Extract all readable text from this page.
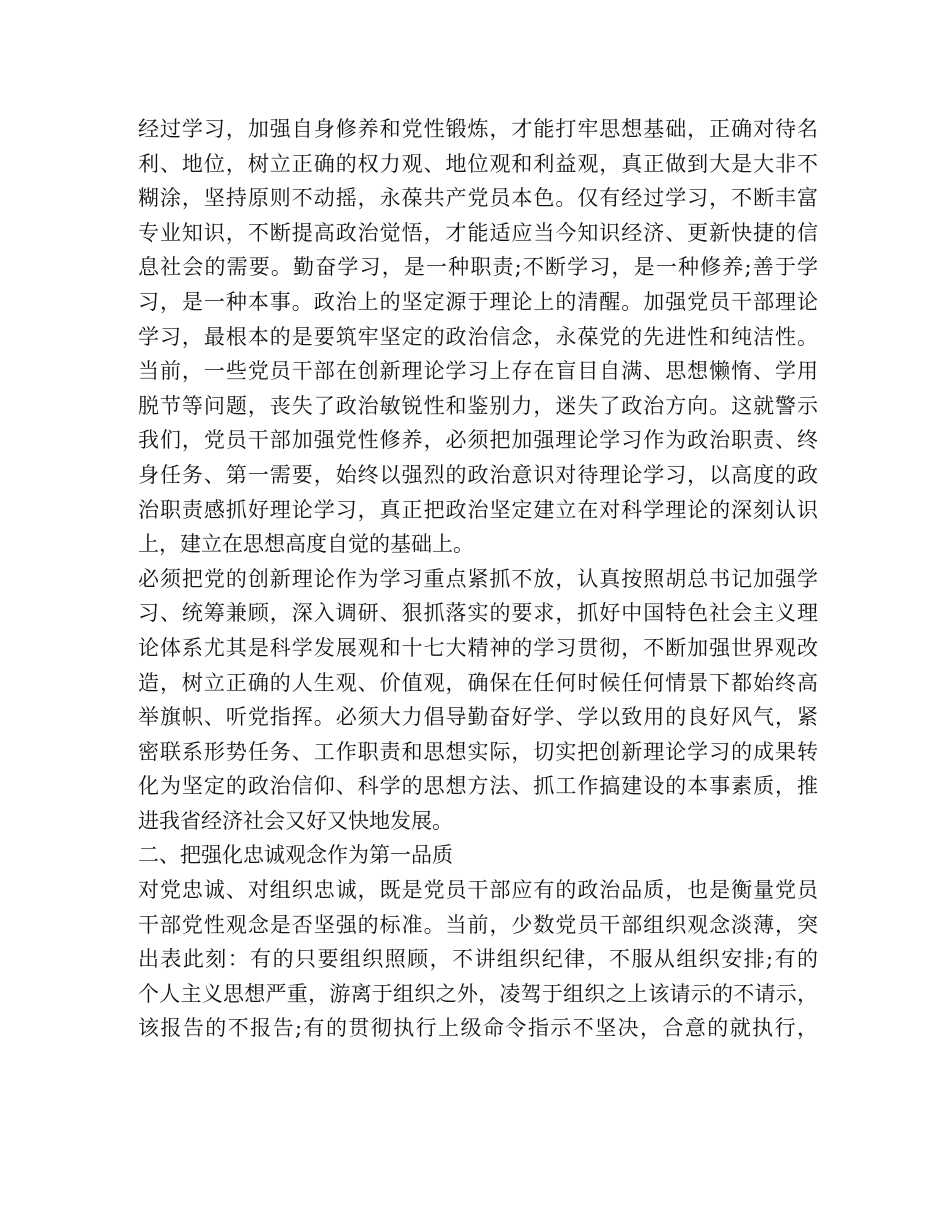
经过学习，加强自身修养和党性锻炼，才能打牢思想基础，正确对待名
利、地位，树立正确的权力观、地位观和利益观，真正做到大是大非不
糊涂，坚持原则不动摇，永葆共产党员本色。仅有经过学习，不断丰富
专业知识，不断提高政治觉悟，才能适应当今知识经济、更新快捷的信
息社会的需要。勤奋学习，是一种职责;不断学习，是一种修养;善于学
习，是一种本事。政治上的坚定源于理论上的清醒。加强党员干部理论
学习，最根本的是要筑牢坚定的政治信念，永葆党的先进性和纯洁性。
当前，一些党员干部在创新理论学习上存在盲目自满、思想懒惰、学用
脱节等问题，丧失了政治敏锐性和鉴别力，迷失了政治方向。这就警示
我们，党员干部加强党性修养，必须把加强理论学习作为政治职责、终
身任务、第一需要，始终以强烈的政治意识对待理论学习，以高度的政
治职责感抓好理论学习，真正把政治坚定建立在对科学理论的深刻认识
上，建立在思想高度自觉的基础上。
必须把党的创新理论作为学习重点紧抓不放，认真按照胡总书记加强学
习、统筹兼顾，深入调研、狠抓落实的要求，抓好中国特色社会主义理
论体系尤其是科学发展观和十七大精神的学习贯彻，不断加强世界观改
造，树立正确的人生观、价值观，确保在任何时候任何情景下都始终高
举旗帜、听党指挥。必须大力倡导勤奋好学、学以致用的良好风气，紧
密联系形势任务、工作职责和思想实际，切实把创新理论学习的成果转
化为坚定的政治信仰、科学的思想方法、抓工作搞建设的本事素质，推
进我省经济社会又好又快地发展。
二、把强化忠诚观念作为第一品质
对党忠诚、对组织忠诚，既是党员干部应有的政治品质，也是衡量党员
干部党性观念是否坚强的标准。当前，少数党员干部组织观念淡薄，突
出表此刻：有的只要组织照顾，不讲组织纪律，不服从组织安排;有的
个人主义思想严重，游离于组织之外，凌驾于组织之上该请示的不请示，
该报告的不报告;有的贯彻执行上级命令指示不坚决，合意的就执行，
